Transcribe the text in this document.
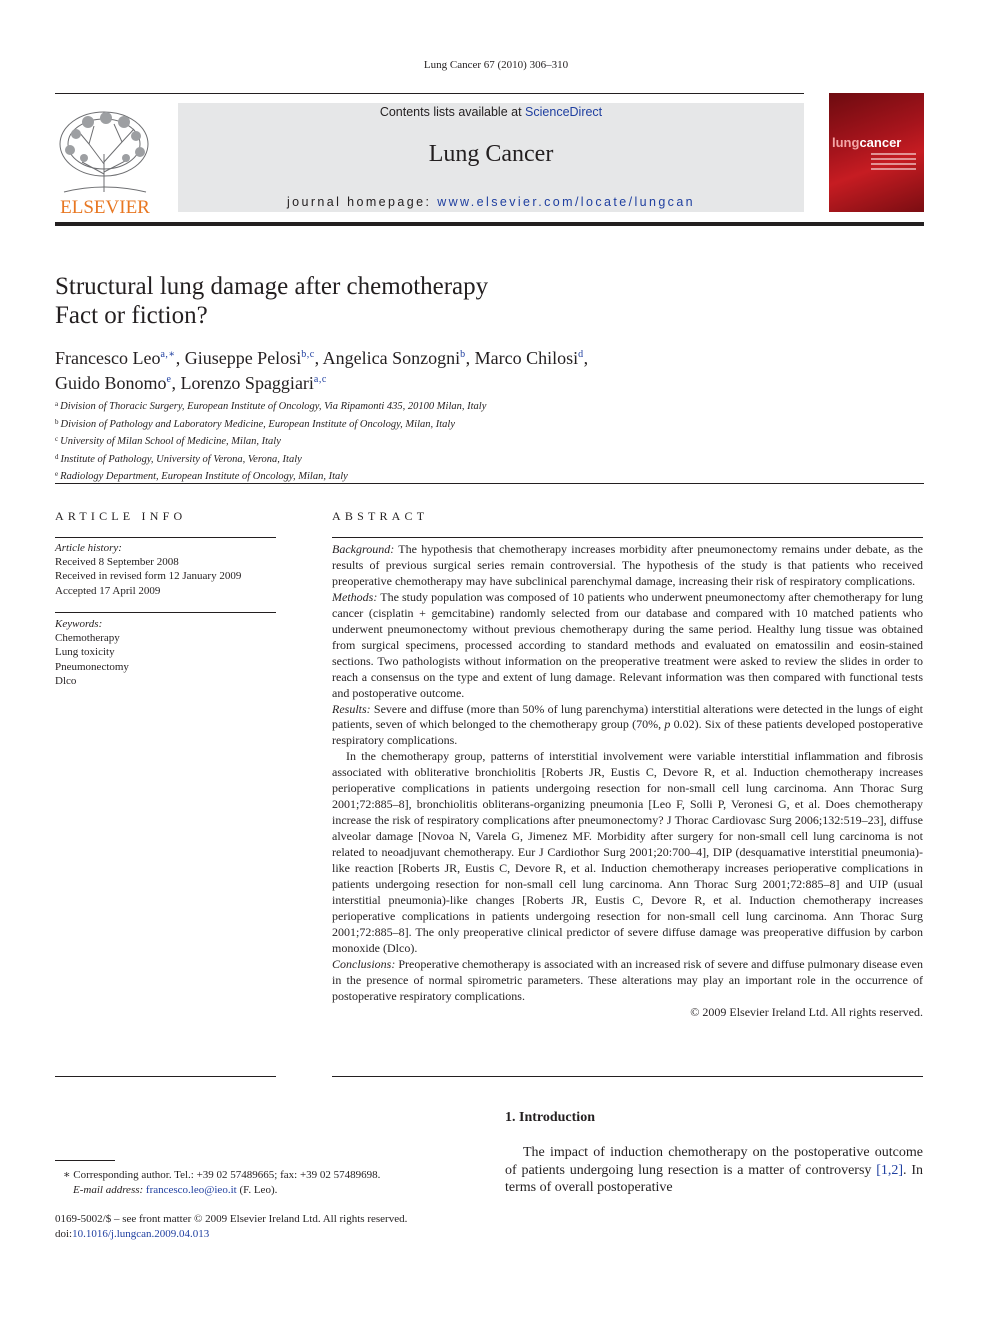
Lung Cancer 67 (2010) 306–310
ELSEVIER
Contents lists available at ScienceDirect
Lung Cancer
journal homepage: www.elsevier.com/locate/lungcan
lungcancer
Structural lung damage after chemotherapy
Fact or fiction?
Francesco Leo$^{a,∗}$, Giuseppe Pelosi$^{b,c}$, Angelica Sonzogni$^b$, Marco Chilosi$^d$,
Guido Bonomo$^e$, Lorenzo Spaggiari$^{a,c}$
$^a$ Division of Thoracic Surgery, European Institute of Oncology, Via Ripamonti 435, 20100 Milan, Italy
$^b$ Division of Pathology and Laboratory Medicine, European Institute of Oncology, Milan, Italy
$^c$ University of Milan School of Medicine, Milan, Italy
$^d$ Institute of Pathology, University of Verona, Verona, Italy
$^e$ Radiology Department, European Institute of Oncology, Milan, Italy
ARTICLE INFO
Article history:
Received 8 September 2008
Received in revised form 12 January 2009
Accepted 17 April 2009
Keywords:
Chemotherapy
Lung toxicity
Pneumonectomy
Dlco
ABSTRACT

Background: The hypothesis that chemotherapy increases morbidity after pneumonectomy remains under debate, as the results of previous surgical series remain controversial. The hypothesis of the study is that patients who received preoperative chemotherapy may have subclinical parenchymal damage, increasing their risk of respiratory complications.

Methods: The study population was composed of 10 patients who underwent pneumonectomy after chemotherapy for lung cancer (cisplatin + gemcitabine) randomly selected from our database and compared with 10 matched patients who underwent pneumonectomy without previous chemotherapy during the same period. Healthy lung tissue was obtained from surgical specimens, processed according to standard methods and evaluated on ematossilin and eosin-stained sections. Two pathologists without information on the preoperative treatment were asked to review the slides in order to reach a consensus on the type and extent of lung damage. Relevant information was then compared with functional tests and postoperative outcome.

Results: Severe and diffuse (more than 50% of lung parenchyma) interstitial alterations were detected in the lungs of eight patients, seven of which belonged to the chemotherapy group (70%, p 0.02). Six of these patients developed postoperative respiratory complications.

In the chemotherapy group, patterns of interstitial involvement were variable interstitial inflammation and fibrosis associated with obliterative bronchiolitis [Roberts JR, Eustis C, Devore R, et al. Induction chemotherapy increases perioperative complications in patients undergoing resection for non-small cell lung carcinoma. Ann Thorac Surg 2001;72:885–8], bronchiolitis obliterans-organizing pneumonia [Leo F, Solli P, Veronesi G, et al. Does chemotherapy increase the risk of respiratory complications after pneumonectomy? J Thorac Cardiovasc Surg 2006;132:519–23], diffuse alveolar damage [Novoa N, Varela G, Jimenez MF. Morbidity after surgery for non-small cell lung carcinoma is not related to neoadjuvant chemotherapy. Eur J Cardiothor Surg 2001;20:700–4], DIP (desquamative interstitial pneumonia)-like reaction [Roberts JR, Eustis C, Devore R, et al. Induction chemotherapy increases perioperative complications in patients undergoing resection for non-small cell lung carcinoma. Ann Thorac Surg 2001;72:885–8] and UIP (usual interstitial pneumonia)-like changes [Roberts JR, Eustis C, Devore R, et al. Induction chemotherapy increases perioperative complications in patients undergoing resection for non-small cell lung carcinoma. Ann Thorac Surg 2001;72:885–8]. The only preoperative clinical predictor of severe diffuse damage was preoperative diffusion by carbon monoxide (Dlco).

Conclusions: Preoperative chemotherapy is associated with an increased risk of severe and diffuse pulmonary disease even in the presence of normal spirometric parameters. These alterations may play an important role in the occurrence of postoperative respiratory complications.

© 2009 Elsevier Ireland Ltd. All rights reserved.

1. Introduction
The impact of induction chemotherapy on the postoperative outcome of patients undergoing lung resection is a matter of controversy [1,2]. In terms of overall postoperative
∗ Corresponding author. Tel.: +39 02 57489665; fax: +39 02 57489698.
E-mail address: francesco.leo@ieo.it (F. Leo).
0169-5002/$ – see front matter © 2009 Elsevier Ireland Ltd. All rights reserved.
doi:10.1016/j.lungcan.2009.04.013
